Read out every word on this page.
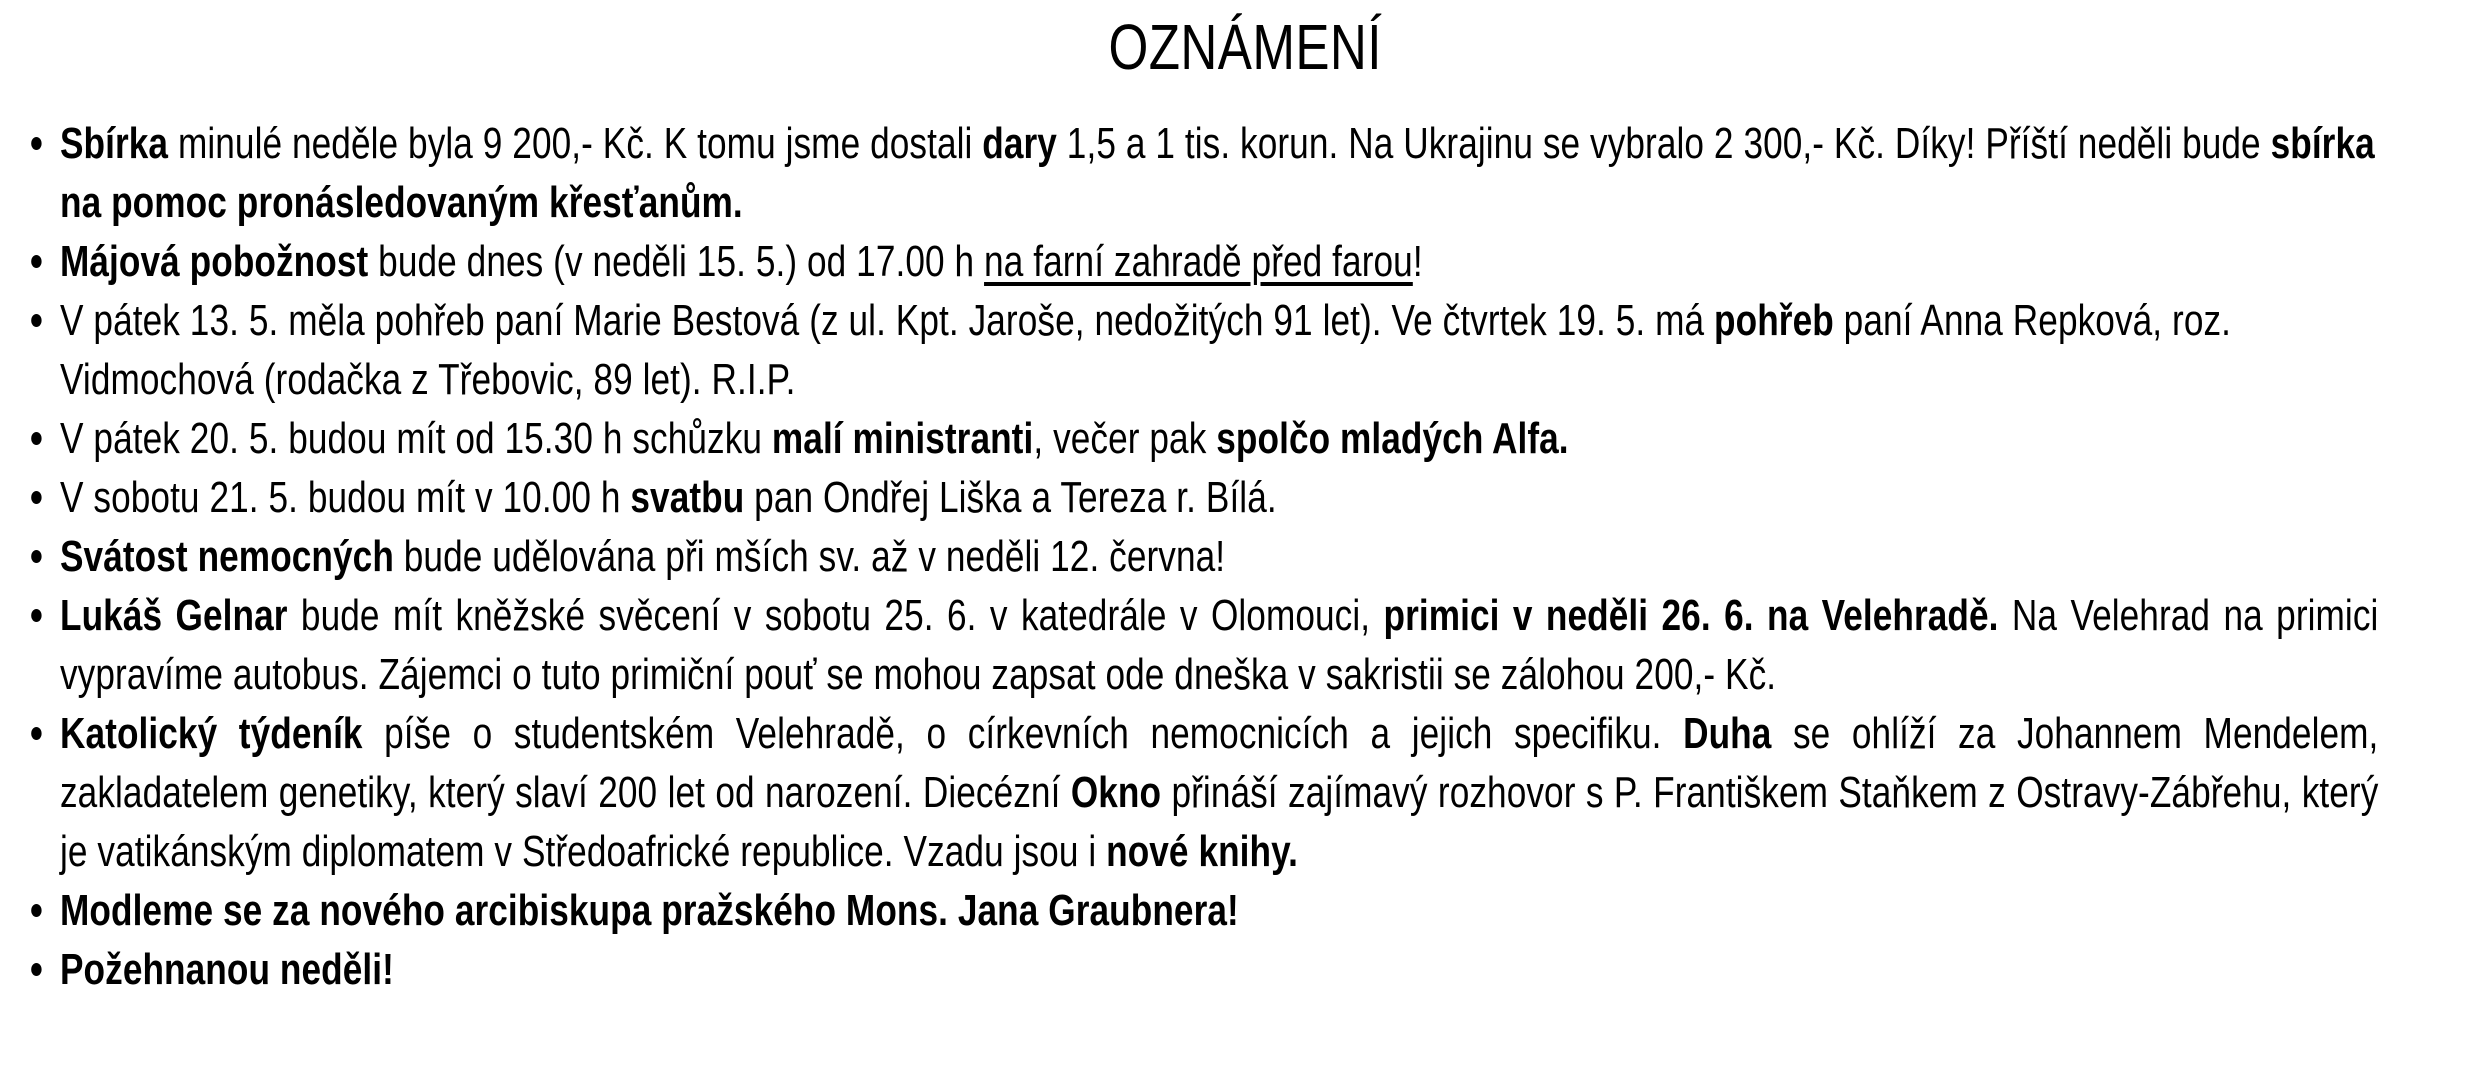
OZNÁMENÍ
Sbírka minulé neděle byla 9 200,- Kč. K tomu jsme dostali dary 1,5 a 1 tis. korun. Na Ukrajinu se vybralo 2 300,- Kč. Díky! Příští neděli bude sbírka na pomoc pronásledovaným křesťanům.
Májová pobožnost bude dnes (v neděli 15. 5.) od 17.00 h na farní zahradě před farou!
V pátek 13. 5. měla pohřeb paní Marie Bestová (z ul. Kpt. Jaroše, nedožitých 91 let). Ve čtvrtek 19. 5. má pohřeb paní Anna Repková, roz. Vidmochová (rodačka z Třebovic, 89 let). R.I.P.
V pátek 20. 5. budou mít od 15.30 h schůzku malí ministranti, večer pak spolčo mladých Alfa.
V sobotu 21. 5. budou mít v 10.00 h svatbu pan Ondřej Liška a Tereza r. Bílá.
Svátost nemocných bude udělována při mších sv. až v neděli 12. června!
Lukáš Gelnar bude mít kněžské svěcení v sobotu 25. 6. v katedrále v Olomouci, primici v neděli 26. 6. na Velehradě. Na Velehrad na primici vypravíme autobus. Zájemci o tuto primiční pouť se mohou zapsat ode dneška v sakristii se zálohou 200,- Kč.
Katolický týdeník píše o studentském Velehradě, o církevních nemocnicích a jejich specifiku. Duha se ohlíží za Johannem Mendelem, zakladatelem genetiky, který slaví 200 let od narození. Diecézní Okno přináší zajímavý rozhovor s P. Františkem Staňkem z Ostravy-Zábřehu, který je vatikánským diplomatem v Středoafrické republice. Vzadu jsou i nové knihy.
Modleme se za nového arcibiskupa pražského Mons. Jana Graubnera!
Požehnanou neděli!
